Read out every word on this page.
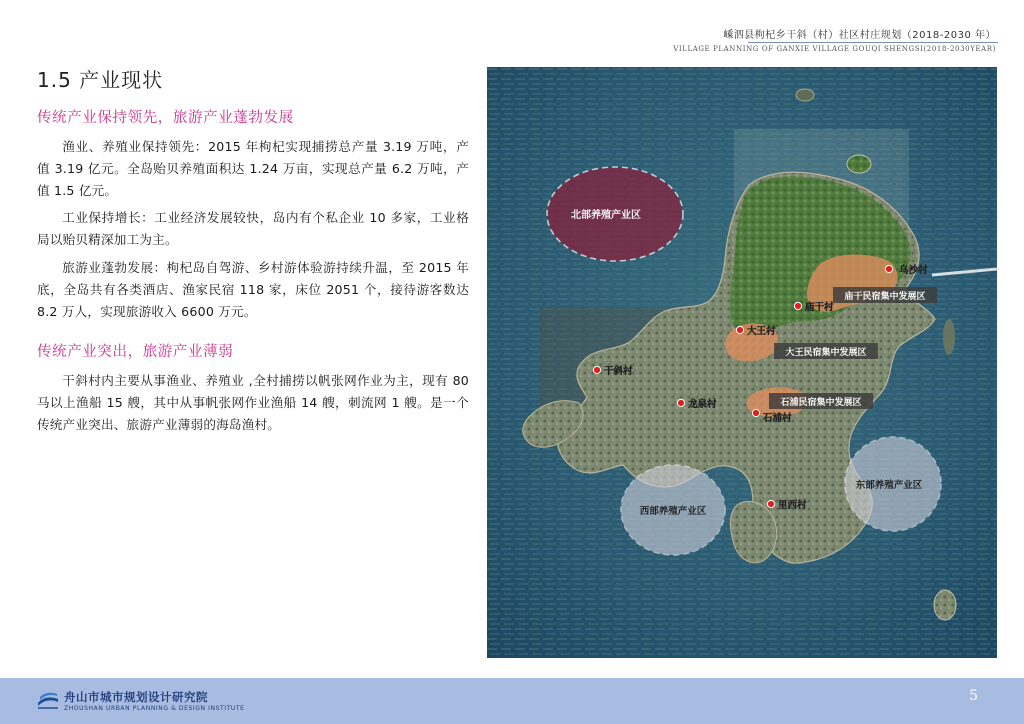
嵊泗县枸杞乡干斜（村）社区村庄规划（2018-2030 年）
VILLAGE PLANNING OF GANXIE VILLAGE GOUQI SHENGSI(2018-2030YEAR)
1.5 产业现状
传统产业保持领先，旅游产业蓬勃发展
渔业、养殖业保持领先：2015 年枸杞实现捕捞总产量 3.19 万吨，产值 3.19 亿元。全岛贻贝养殖面积达 1.24 万亩，实现总产量 6.2 万吨，产值 1.5 亿元。
工业保持增长：工业经济发展较快，岛内有个私企业 10 多家，工业格局以贻贝精深加工为主。
旅游业蓬勃发展：枸杞岛自驾游、乡村游体验游持续升温，至 2015 年底，全岛共有各类酒店、渔家民宿 118 家，床位 2051 个，接待游客数达 8.2 万人，实现旅游收入 6600 万元。
传统产业突出，旅游产业薄弱
干斜村内主要从事渔业、养殖业 ,全村捕捞以帆张网作业为主，现有 80 马以上渔船 15 艘，其中从事帆张网作业渔船 14 艘，刺流网 1 艘。是一个传统产业突出、旅游产业薄弱的海岛渔村。
北部养殖产业区
西部养殖产业区
东部养殖产业区
庙干民宿集中发展区
大王民宿集中发展区
石浦民宿集中发展区
乌沙村
庙干村
大王村
干斜村
龙泉村
石浦村
里西村
舟山市城市规划设计研究院
ZHOUSHAN URBAN PLANNING & DESIGN INSTITUTE
5
